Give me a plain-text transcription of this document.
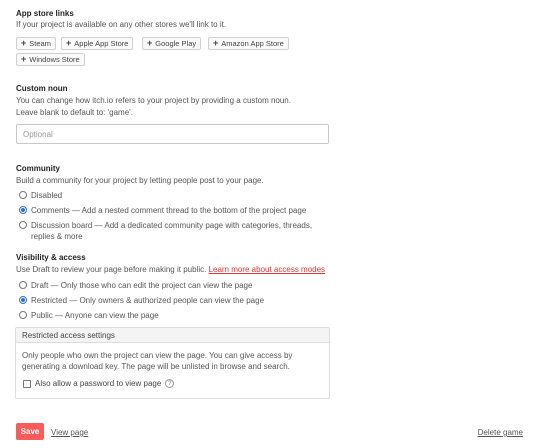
App store links
If your project is available on any other stores we'll link to it.
+ Steam + Apple App Store + Google Play + Amazon App Store
+ Windows Store
Custom noun
You can change how itch.io refers to your project by providing a custom noun.
Leave blank to default to: 'game'.
Optional
Community
Build a community for your project by letting people post to your page.
Disabled
Comments — Add a nested comment thread to the bottom of the project page
Discussion board — Add a dedicated community page with categories, threads, replies & more
Visibility & access
Use Draft to review your page before making it public. Learn more about access modes
Draft — Only those who can edit the project can view the page
Restricted — Only owners & authorized people can view the page
Public — Anyone can view the page
Restricted access settings
Only people who own the project can view the page. You can give access by generating a download key. The page will be unlisted in browse and search.
Also allow a password to view page	?
Save	View page	Delete game
